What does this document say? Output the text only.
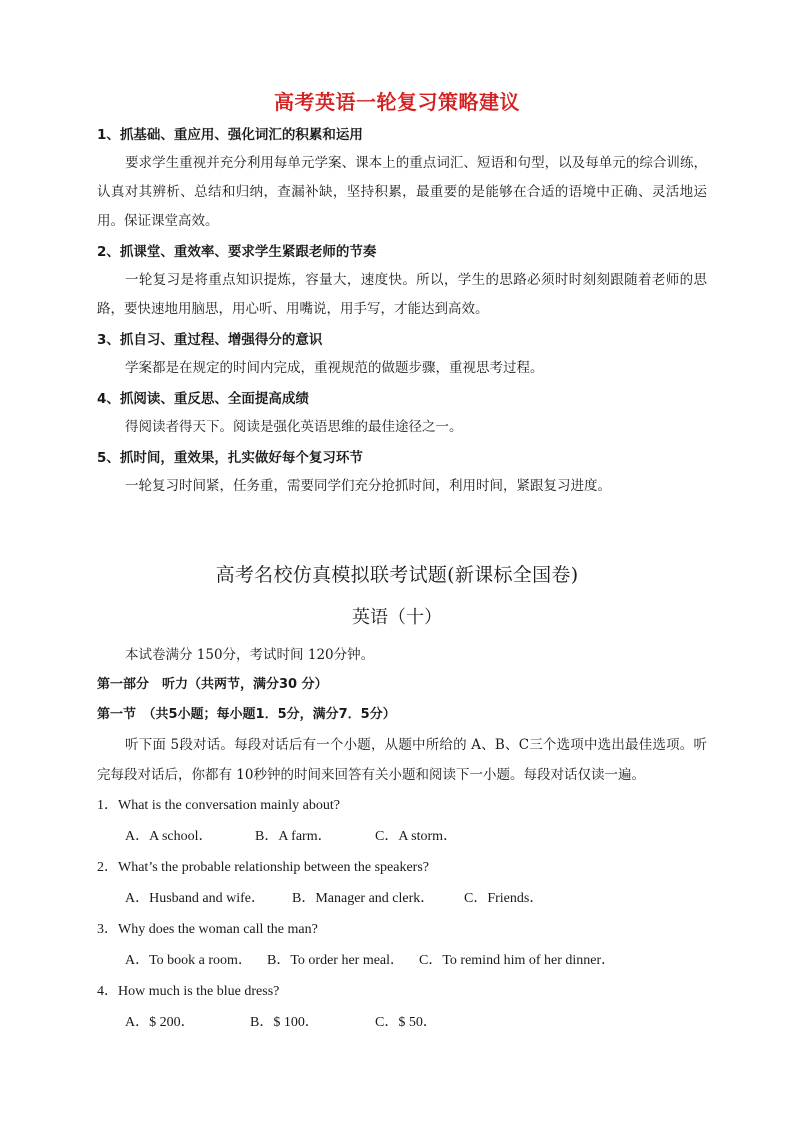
高考英语一轮复习策略建议
1、抓基础、重应用、强化词汇的积累和运用
要求学生重视并充分利用每单元学案、课本上的重点词汇、短语和句型，以及每单元的综合训练，认真对其辨析、总结和归纳，查漏补缺，坚持积累，最重要的是能够在合适的语境中正确、灵活地运用。保证课堂高效。
2、抓课堂、重效率、要求学生紧跟老师的节奏
一轮复习是将重点知识提炼，容量大，速度快。所以，学生的思路必须时时刻刻跟随着老师的思路，要快速地用脑思，用心听、用嘴说，用手写，才能达到高效。
3、抓自习、重过程、增强得分的意识
学案都是在规定的时间内完成，重视规范的做题步骤，重视思考过程。
4、抓阅读、重反思、全面提高成绩
得阅读者得天下。阅读是强化英语思维的最佳途径之一。
5、抓时间，重效果，扎实做好每个复习环节
一轮复习时间紧，任务重，需要同学们充分抢抓时间，利用时间，紧跟复习进度。
高考名校仿真模拟联考试题(新课标全国卷)
英语（十）
本试卷满分 150分，考试时间 120分钟。
第一部分　听力（共两节，满分30 分）
第一节　（共5小题；每小题1．5分，满分7．5分）
听下面 5段对话。每段对话后有一个小题，从题中所给的 A、B、C三个选项中选出最佳选项。听完每段对话后，你都有 10秒钟的时间来回答有关小题和阅读下一小题。每段对话仅读一遍。
1．What is the conversation mainly about?
A．A school．	B．A farm．	C．A storm．
2．What’s the probable relationship between the speakers?
A．Husband and wife．	B．Manager and clerk．	C．Friends．
3．Why does the woman call the man?
A．To book a room．	B．To order her meal．	C．To remind him of her dinner．
4．How much is the blue dress?
A．$ 200．	B．$ 100．	C．$ 50．
